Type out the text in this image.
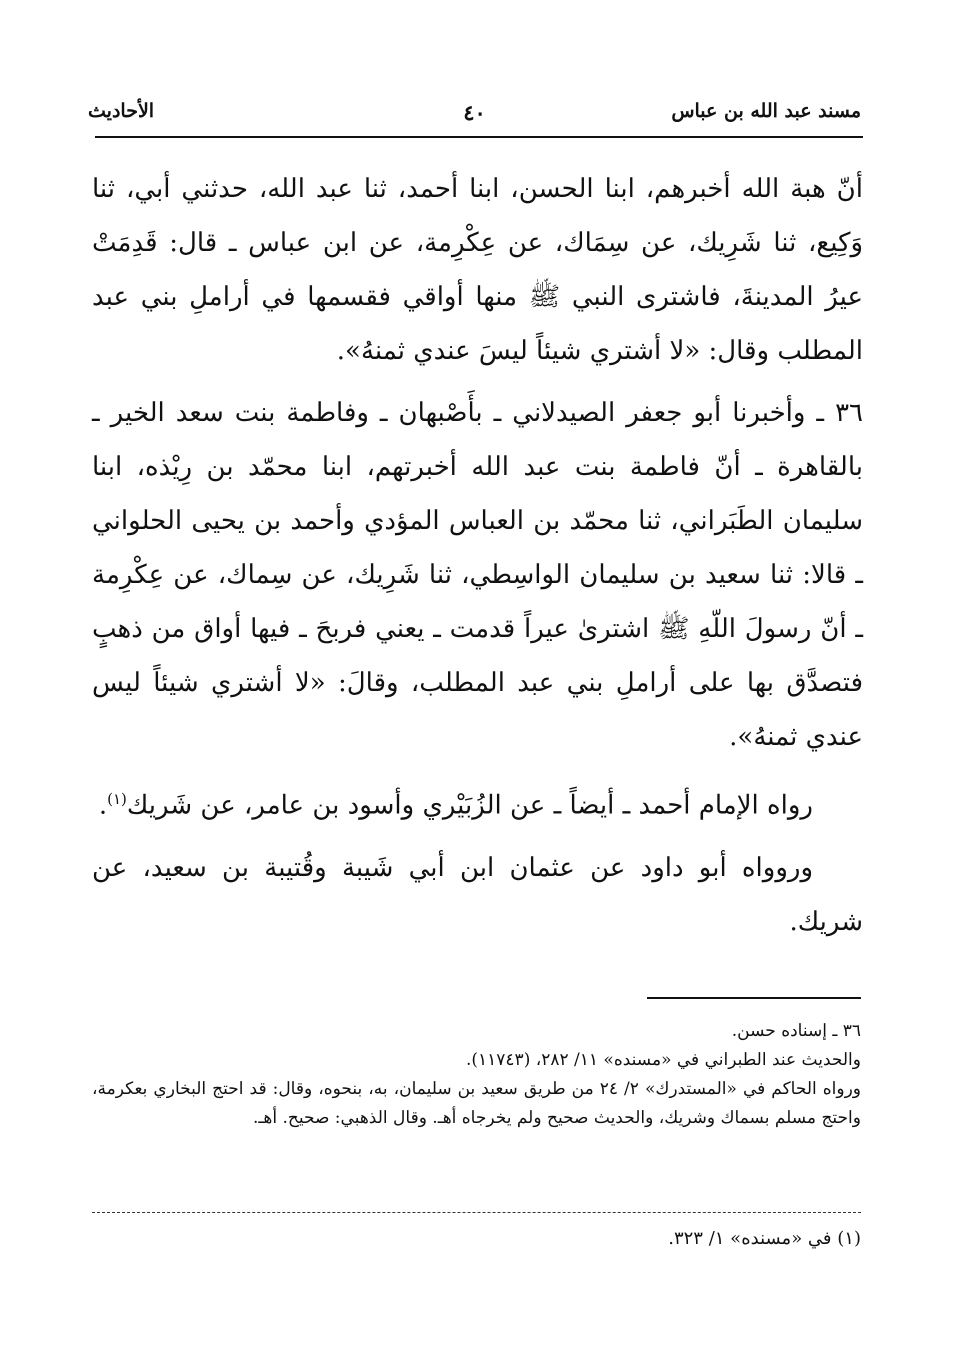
مسند عبد الله بن عباس
٤٠
الأحاديث

أنّ هبة الله أخبرهم، ابنا الحسن، ابنا أحمد، ثنا عبد الله، حدثني أبي، ثنا وَكِيع، ثنا شَرِيك، عن سِمَاك، عن عِكْرِمة، عن ابن عباس ـ قال: قَدِمَتْ عيرُ المدينةَ، فاشترى النبي ﷺ منها أواقي فقسمها في أراملِ بني عبد المطلب وقال: «لا أشتري شيئاً ليسَ عندي ثمنهُ».

٣٦ ـ وأخبرنا أبو جعفر الصيدلاني ـ بأَصْبهان ـ وفاطمة بنت سعد الخير ـ بالقاهرة ـ أنّ فاطمة بنت عبد الله أخبرتهم، ابنا محمّد بن رِيْذه، ابنا سليمان الطَبَراني، ثنا محمّد بن العباس المؤدي وأحمد بن يحيى الحلواني ـ قالا: ثنا سعيد بن سليمان الواسِطي، ثنا شَرِيك، عن سِماك، عن عِكْرِمة ـ أنّ رسولَ اللّهِ ﷺ اشترىٰ عيراً قدمت ـ يعني فربحَ ـ فيها أواق من ذهبٍ فتصدَّق بها على أراملِ بني عبد المطلب، وقالَ: «لا أشتري شيئاً ليس عندي ثمنهُ».

رواه الإمام أحمد ـ أيضاً ـ عن الزُبَيْري وأسود بن عامر، عن شَريك$^{(١)}$.

وروواه أبو داود عن عثمان ابن أبي شَيبة وقُتيبة بن سعيد، عن شريك.

٣٦ ـ إسناده حسن.

والحديث عند الطبراني في «مسنده» ١١/ ٢٨٢، (١١٧٤٣).

ورواه الحاكم في «المستدرك» ٢/ ٢٤ من طريق سعيد بن سليمان، به، بنحوه، وقال: قد احتج البخاري بعكرمة، واحتج مسلم بسماك وشريك، والحديث صحيح ولم يخرجاه أهـ. وقال الذهبي: صحيح. أهـ.

(١) في «مسنده» ١/ ٣٢٣.
